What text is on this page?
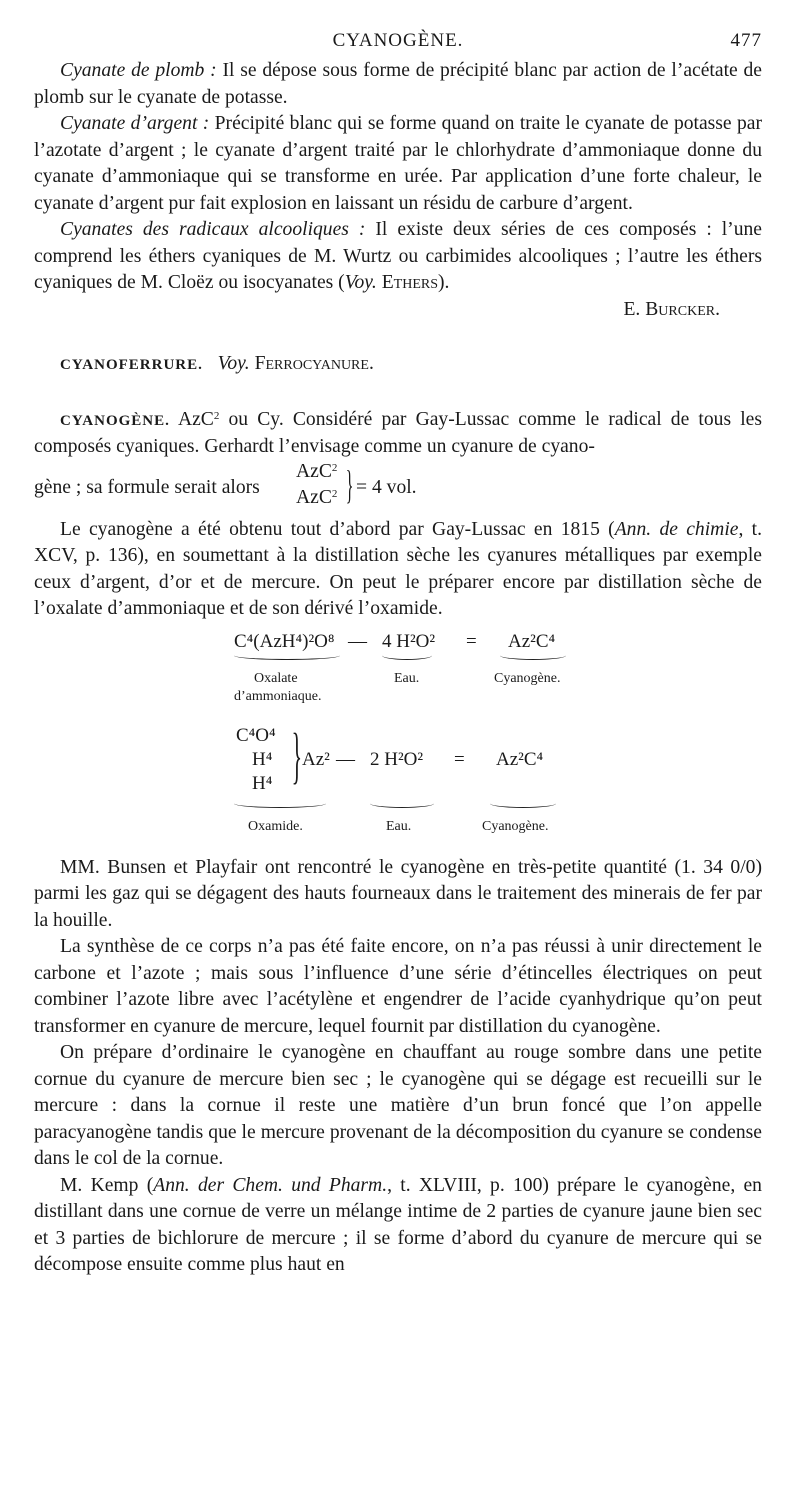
CYANOGÈNE.	477

Cyanate de plomb : Il se dépose sous forme de précipité blanc par action de l’acétate de plomb sur le cyanate de potasse.

Cyanate d’argent : Précipité blanc qui se forme quand on traite le cyanate de potasse par l’azotate d’argent ; le cyanate d’argent traité par le chlorhydrate d’ammoniaque donne du cyanate d’ammoniaque qui se transforme en urée. Par application d’une forte chaleur, le cyanate d’argent pur fait explosion en laissant un résidu de carbure d’argent.

Cyanates des radicaux alcooliques : Il existe deux séries de ces composés : l’une comprend les éthers cyaniques de M. Wurtz ou carbimides alcooliques ; l’autre les éthers cyaniques de M. Cloëz ou isocyanates (Voy. Ethers).

E. Burcker.

CYANOFERRURE. Voy. Ferrocyanure.

CYANOGÈNE. AzC$^2$ ou Cy. Considéré par Gay-Lussac comme le radical de tous les composés cyaniques. Gerhardt l’envisage comme un cyanure de cyano-

gène ; sa formule serait alors
AzC$^2$
AzC$^2$ } = 4 vol.

Le cyanogène a été obtenu tout d’abord par Gay-Lussac en 1815 (Ann. de chimie, t. XCV, p. 136), en soumettant à la distillation sèche les cyanures métalliques par exemple ceux d’argent, d’or et de mercure. On peut le préparer encore par distillation sèche de l’oxalate d’ammoniaque et de son dérivé l’oxamide.

C⁴(AzH⁴)²O⁸ — 4 H²O² = Az²C⁴
Oxalate
d’ammoniaque.
Eau.	Cyanogène.
C⁴O⁴
H⁴
H⁴ } Az² — 2 H²O² = Az²C⁴
Oxamide.	Eau.	Cyanogène.

MM. Bunsen et Playfair ont rencontré le cyanogène en très-petite quantité (1. 34 0/0) parmi les gaz qui se dégagent des hauts fourneaux dans le traitement des minerais de fer par la houille.

La synthèse de ce corps n’a pas été faite encore, on n’a pas réussi à unir directement le carbone et l’azote ; mais sous l’influence d’une série d’étincelles électriques on peut combiner l’azote libre avec l’acétylène et engendrer de l’acide cyanhydrique qu’on peut transformer en cyanure de mercure, lequel fournit par distillation du cyanogène.

On prépare d’ordinaire le cyanogène en chauffant au rouge sombre dans une petite cornue du cyanure de mercure bien sec ; le cyanogène qui se dégage est recueilli sur le mercure : dans la cornue il reste une matière d’un brun foncé que l’on appelle paracyanogène tandis que le mercure provenant de la décomposition du cyanure se condense dans le col de la cornue.

M. Kemp (Ann. der Chem. und Pharm., t. XLVIII, p. 100) prépare le cyanogène, en distillant dans une cornue de verre un mélange intime de 2 parties de cyanure jaune bien sec et 3 parties de bichlorure de mercure ; il se forme d’abord du cyanure de mercure qui se décompose ensuite comme plus haut en
